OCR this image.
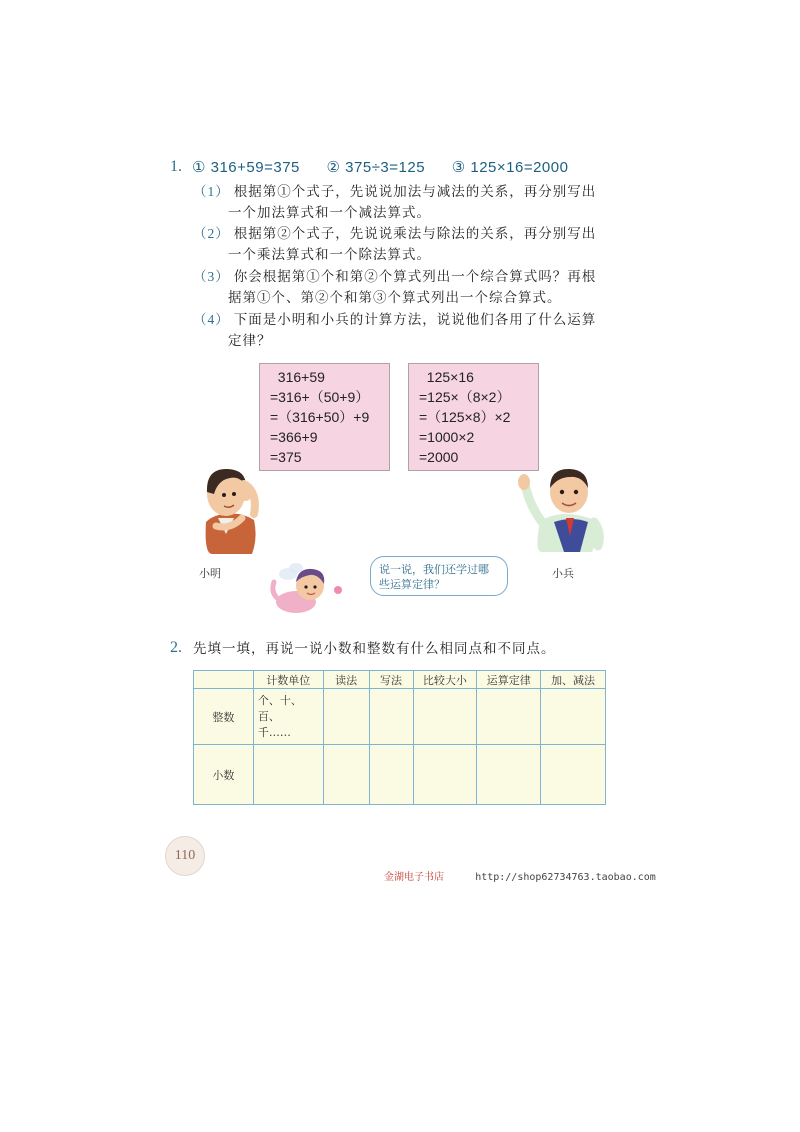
1. ① 316+59=375 ② 375÷3=125 ③ 125×16=2000
（1） 根据第①个式子，先说说加法与减法的关系，再分别写出
一个加法算式和一个减法算式。
（2） 根据第②个式子，先说说乘法与除法的关系，再分别写出
一个乘法算式和一个除法算式。
（3） 你会根据第①个和第②个算式列出一个综合算式吗？再根
据第①个、第②个和第③个算式列出一个综合算式。
（4） 下面是小明和小兵的计算方法，说说他们各用了什么运算
定律？
316+59
=316+（50+9）
=（316+50）+9
=366+9
=375
125×16
=125×（8×2）
=（125×8）×2
=1000×2
=2000
小明	小兵
说一说，我们还学过哪
些运算定律？
2. 先填一填，再说一说小数和整数有什么相同点和不同点。
	计数单位	读法	写法	比较大小	运算定律	加、减法
整数	个、十、百、
千……					

小数						
110
金湖电子书店	http://shop62734763.taobao.com
